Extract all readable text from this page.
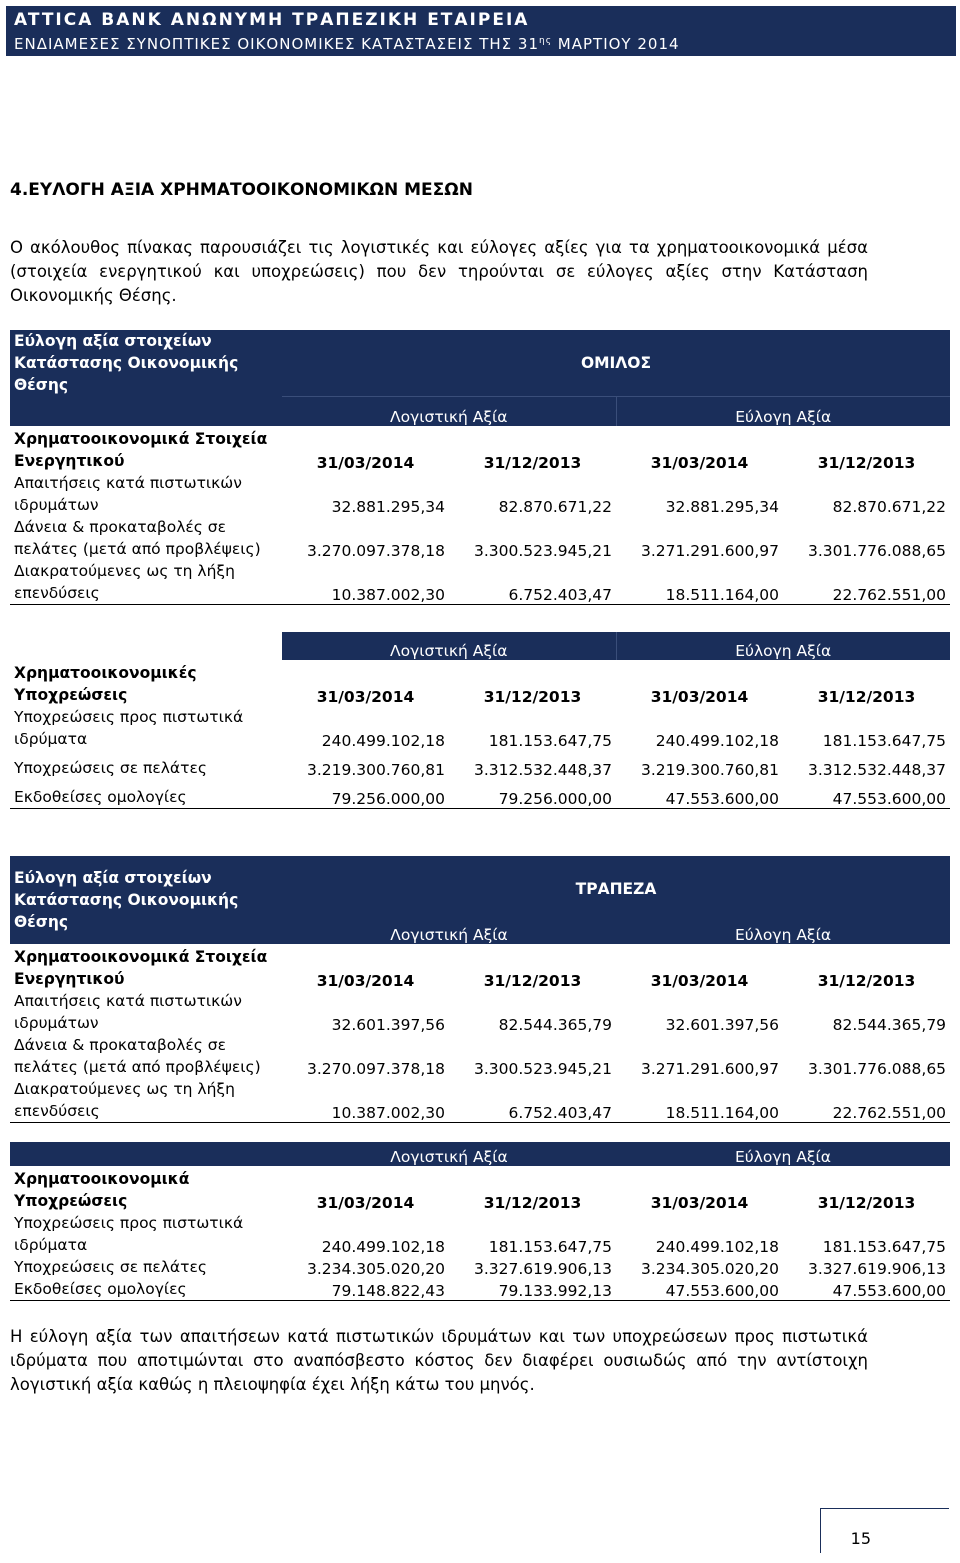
ATTICA BANK ΑΝΩΝΥΜΗ ΤΡΑΠΕΖΙΚΗ ΕΤΑΙΡΕΙΑ
ΕΝΔΙΑΜΕΣΕΣ ΣΥΝΟΠΤΙΚΕΣ ΟΙΚΟΝΟΜΙΚΕΣ ΚΑΤΑΣΤΑΣΕΙΣ ΤΗΣ $31^{\eta\varsigma}$ ΜΑΡΤΙΟΥ 2014
4.ΕΥΛΟΓΗ ΑΞΙΑ ΧΡΗΜΑΤΟΟΙΚΟΝΟΜΙΚΩΝ ΜΕΣΩΝ
Ο ακόλουθος πίνακας παρουσιάζει τις λογιστικές και εύλογες αξίες για τα χρηματοοικονομικά μέσα (στοιχεία ενεργητικού και υποχρεώσεις) που δεν τηρούνται σε εύλογες αξίες στην Κατάσταση Οικονομικής Θέσης.
Εύλογη αξία στοιχείων Κατάστασης Οικονομικής Θέσης	ΟΜΙΛΟΣ			
	Λογιστική Αξία		Εύλογη Αξία	
Χρηματοοικονομικά Στοιχεία Ενεργητικού	31/03/2014	31/12/2013	31/03/2014	31/12/2013
Απαιτήσεις κατά πιστωτικών ιδρυμάτων	32.881.295,34	82.870.671,22	32.881.295,34	82.870.671,22
Δάνεια & προκαταβολές σε πελάτες (μετά από προβλέψεις)	3.270.097.378,18	3.300.523.945,21	3.271.291.600,97	3.301.776.088,65
Διακρατούμενες ως τη λήξη επενδύσεις	10.387.002,30	6.752.403,47	18.511.164,00	22.762.551,00
	Λογιστική Αξία		Εύλογη Αξία	
Χρηματοοικονομικές Υποχρεώσεις	31/03/2014	31/12/2013	31/03/2014	31/12/2013
Υποχρεώσεις προς πιστωτικά ιδρύματα	240.499.102,18	181.153.647,75	240.499.102,18	181.153.647,75
Υποχρεώσεις σε πελάτες	3.219.300.760,81	3.312.532.448,37	3.219.300.760,81	3.312.532.448,37
Εκδοθείσες ομολογίες	79.256.000,00	79.256.000,00	47.553.600,00	47.553.600,00
Εύλογη αξία στοιχείων Κατάστασης Οικονομικής Θέσης	ΤΡΑΠΕΖΑ			
	Λογιστική Αξία		Εύλογη Αξία	
Χρηματοοικονομικά Στοιχεία Ενεργητικού	31/03/2014	31/12/2013	31/03/2014	31/12/2013
Απαιτήσεις κατά πιστωτικών ιδρυμάτων	32.601.397,56	82.544.365,79	32.601.397,56	82.544.365,79
Δάνεια & προκαταβολές σε πελάτες (μετά από προβλέψεις)	3.270.097.378,18	3.300.523.945,21	3.271.291.600,97	3.301.776.088,65
Διακρατούμενες ως τη λήξη επενδύσεις	10.387.002,30	6.752.403,47	18.511.164,00	22.762.551,00
	Λογιστική Αξία		Εύλογη Αξία	
Χρηματοοικονομικά Υποχρεώσεις	31/03/2014	31/12/2013	31/03/2014	31/12/2013
Υποχρεώσεις προς πιστωτικά ιδρύματα	240.499.102,18	181.153.647,75	240.499.102,18	181.153.647,75
Υποχρεώσεις σε πελάτες	3.234.305.020,20	3.327.619.906,13	3.234.305.020,20	3.327.619.906,13
Εκδοθείσες ομολογίες	79.148.822,43	79.133.992,13	47.553.600,00	47.553.600,00
Η εύλογη αξία των απαιτήσεων κατά πιστωτικών ιδρυμάτων και των υποχρεώσεων προς πιστωτικά ιδρύματα που αποτιμώνται στο αναπόσβεστο κόστος δεν διαφέρει ουσιωδώς από την αντίστοιχη λογιστική αξία καθώς η πλειοψηφία έχει λήξη κάτω του μηνός.
15
